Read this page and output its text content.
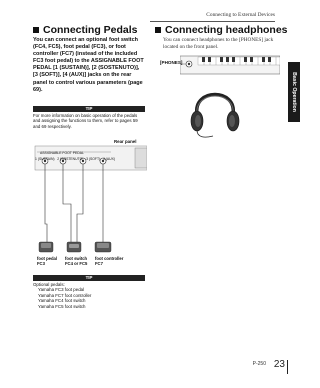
Connecting to External Devices
Basic Operation
Connecting Pedals
You can connect an optional foot switch (FC4, FC5), foot pedal (FC3), or foot controller (FC7) (instead of the included FC3 foot pedal) to the ASSIGNABLE FOOT PEDAL [1 (SUSTAIN)], [2 (SOSTENUTO)], [3 (SOFT)], [4 (AUX)] jacks on the rear panel to control various parameters (page 69).
TIP
For more information on basic operation of the pedals and assigning the functions to them, refer to pages 59 and 69 respectively.
Rear panel
1 (SUSTAIN) 2 (SOSTENUTO) 3 (SOFT) 4 (AUX)
ASSIGNABLE FOOT PEDAL
foot pedal
FC3
foot switch
FC4 or FC5
foot controller
FC7
TIP
Optional pedals:
Yamaha FC3 foot pedal
Yamaha FC7 foot controller
Yamaha FC4 foot switch
Yamaha FC5 foot switch
Connecting headphones
You can connect headphones to the [PHONES] jack located on the front panel.
[PHONES]
P-250 23
